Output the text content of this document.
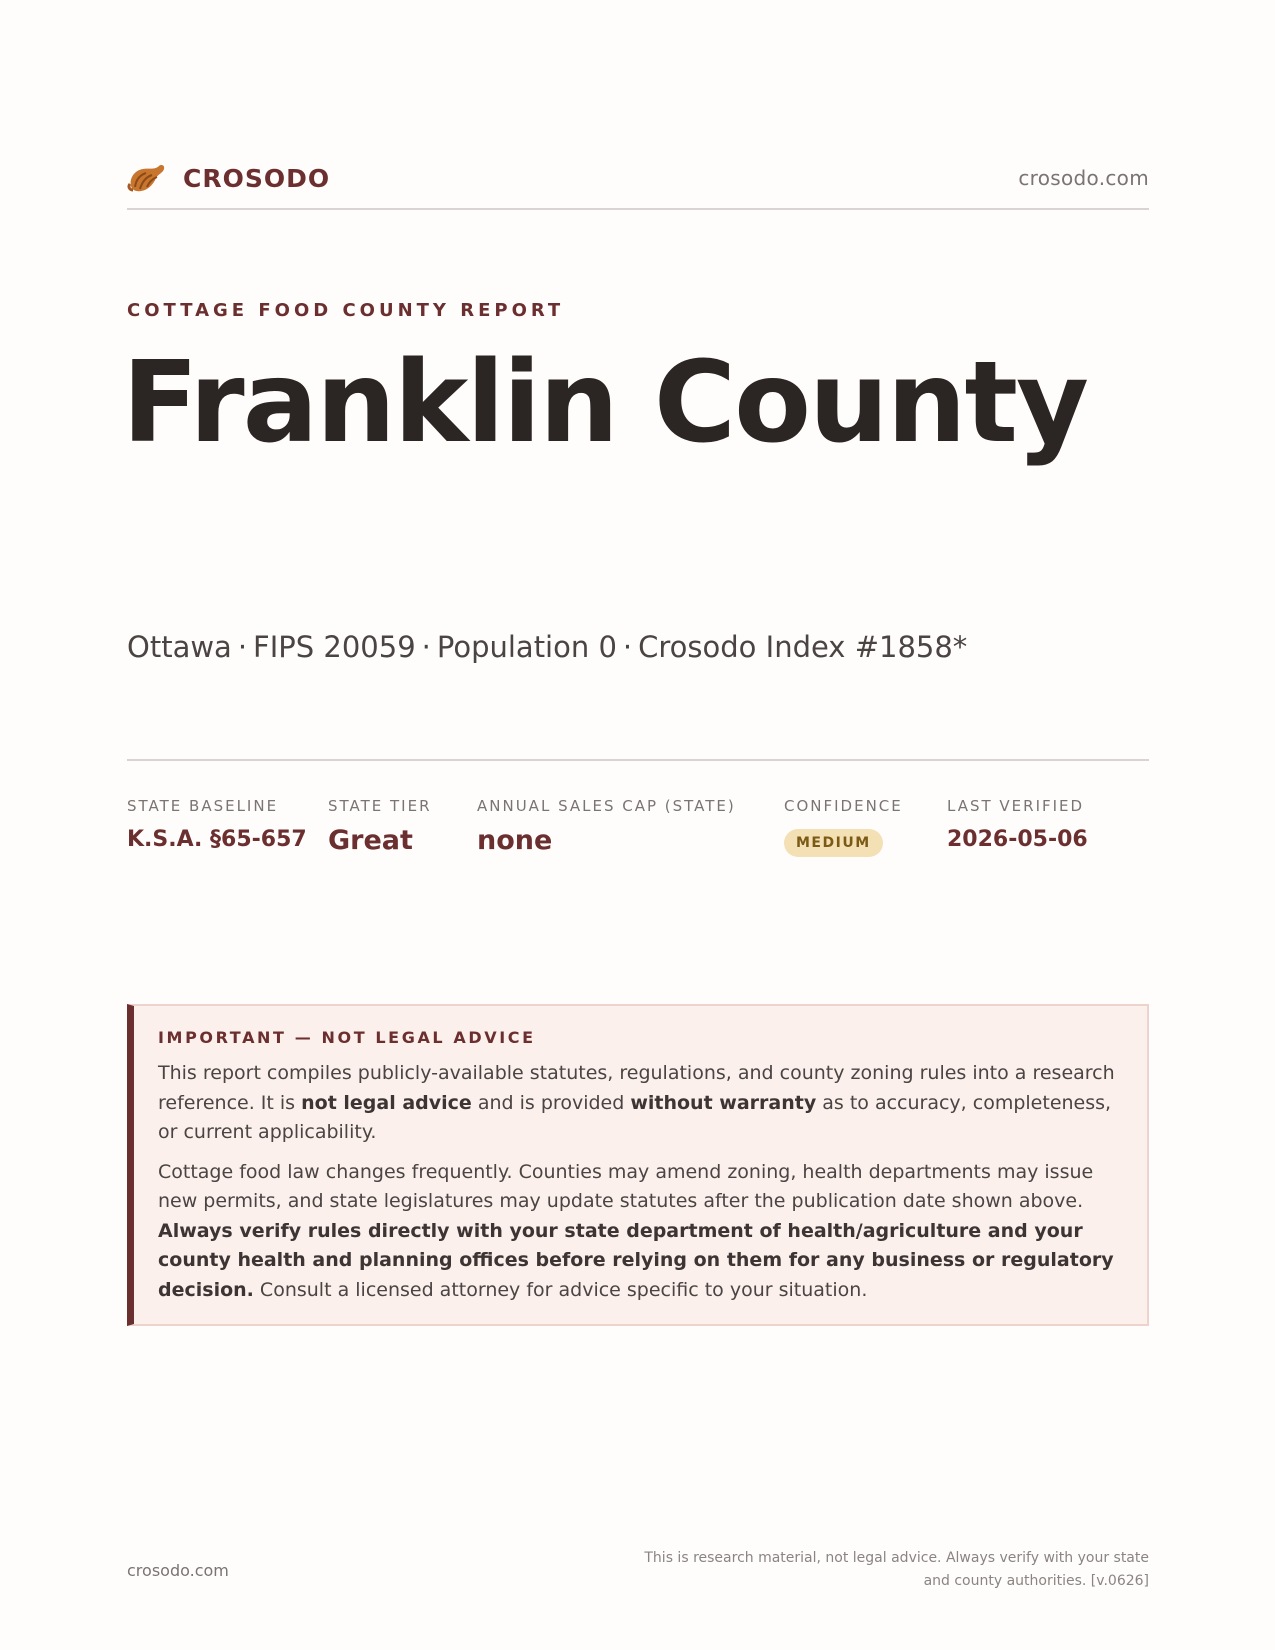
CROSODO	crosodo.com
COTTAGE FOOD COUNTY REPORT
Franklin County
Ottawa · FIPS 20059 · Population 0 · Crosodo Index #1858*
STATE BASELINE
K.S.A. §65-657
STATE TIER
Great
ANNUAL SALES CAP (STATE)
none
CONFIDENCE
MEDIUM
LAST VERIFIED
2026-05-06
IMPORTANT — NOT LEGAL ADVICE

This report compiles publicly-available statutes, regulations, and county zoning rules into a research reference. It is not legal advice and is provided without warranty as to accuracy, completeness, or current applicability.

Cottage food law changes frequently. Counties may amend zoning, health departments may issue new permits, and state legislatures may update statutes after the publication date shown above. Always verify rules directly with your state department of health/agriculture and your county health and planning offices before relying on them for any business or regulatory decision. Consult a licensed attorney for advice specific to your situation.

crosodo.com
This is research material, not legal advice. Always verify with your state
and county authorities. [v.0626]
